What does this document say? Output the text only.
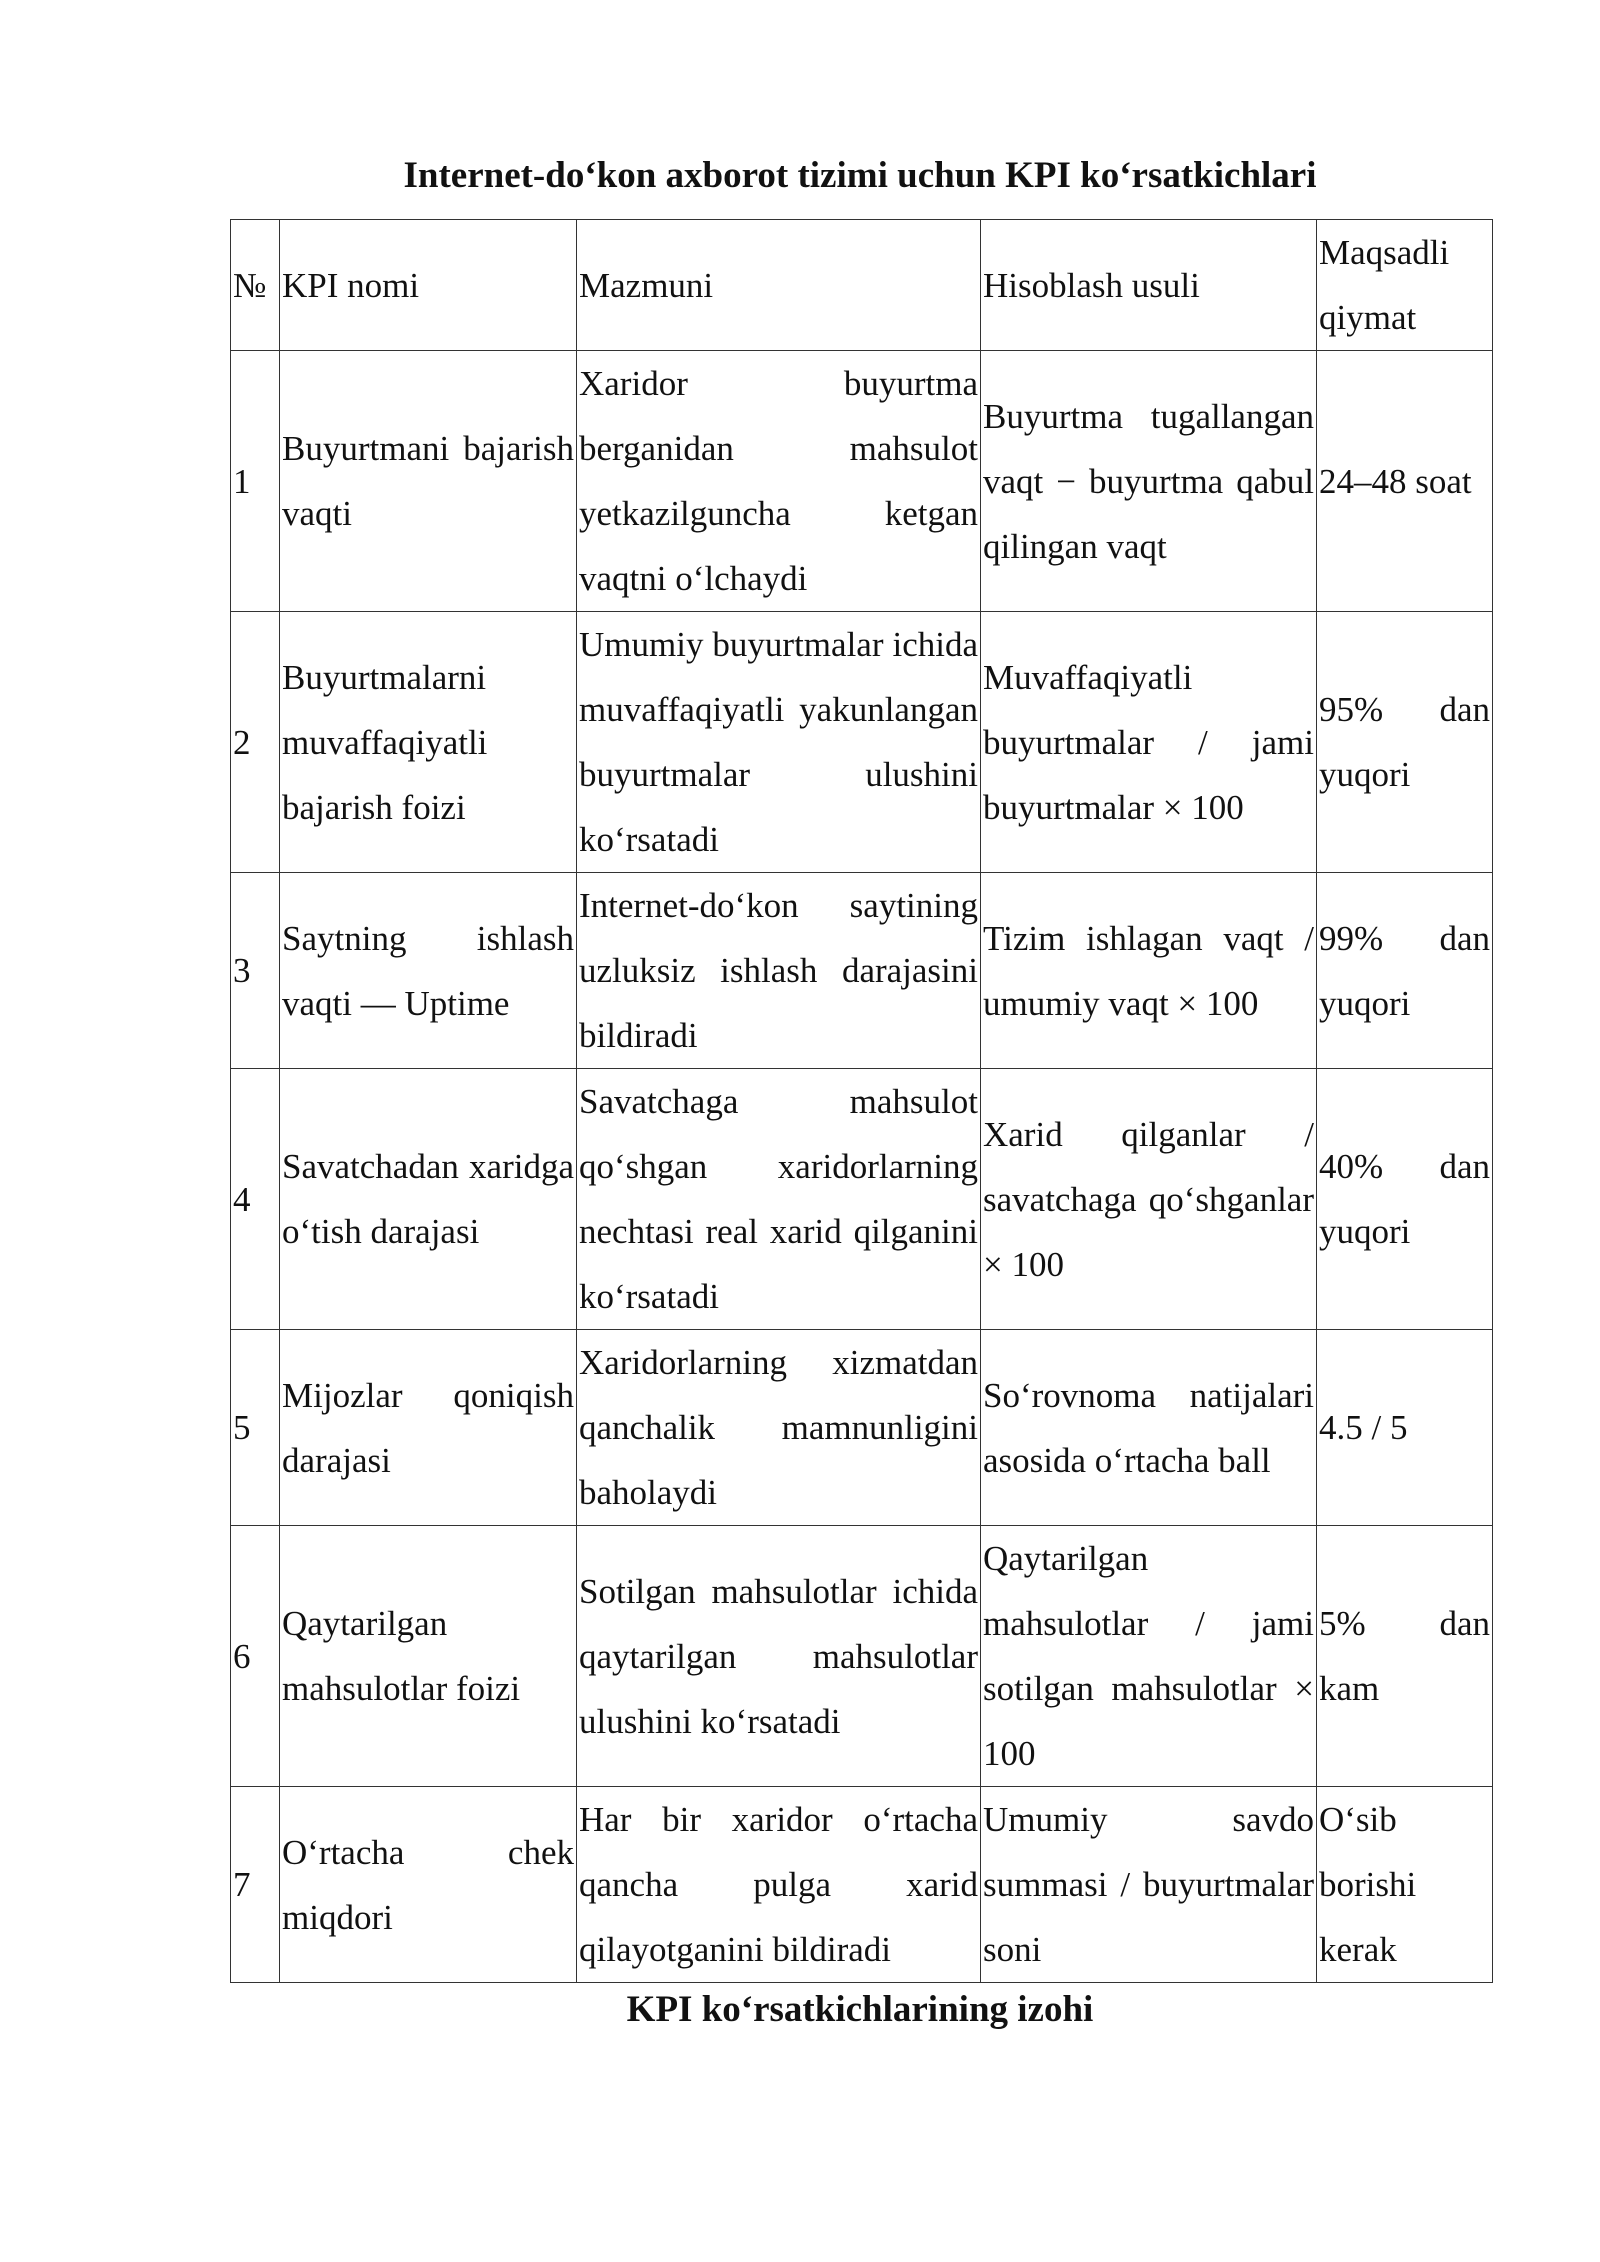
Internet-do‘kon axborot tizimi uchun KPI ko‘rsatkichlari
№	KPI nomi	Mazmuni	Hisoblash usuli	Maqsadli qiymat
1	Buyurtmani bajarish vaqti	Xaridor buyurtma berganidan mahsulot yetkazilguncha ketgan vaqtni o‘lchaydi	Buyurtma tugallangan vaqt − buyurtma qabul qilingan vaqt	24–48 soat
2	Buyurtmalarni muvaffaqiyatli bajarish foizi	Umumiy buyurtmalar ichida muvaffaqiyatli yakunlangan buyurtmalar ulushini ko‘rsatadi	Muvaffaqiyatli buyurtmalar / jami buyurtmalar × 100	95% dan yuqori
3	Saytning ishlash vaqti — Uptime	Internet-do‘kon saytining uzluksiz ishlash darajasini bildiradi	Tizim ishlagan vaqt / umumiy vaqt × 100	99% dan yuqori
4	Savatchadan xaridga o‘tish darajasi	Savatchaga mahsulot qo‘shgan xaridorlarning nechtasi real xarid qilganini ko‘rsatadi	Xarid qilganlar / savatchaga qo‘shganlar × 100	40% dan yuqori
5	Mijozlar qoniqish darajasi	Xaridorlarning xizmatdan qanchalik mamnunligini baholaydi	So‘rovnoma natijalari asosida o‘rtacha ball	4.5 / 5
6	Qaytarilgan mahsulotlar foizi	Sotilgan mahsulotlar ichida qaytarilgan mahsulotlar ulushini ko‘rsatadi	Qaytarilgan mahsulotlar / jami sotilgan mahsulotlar × 100	5% dan kam
7	O‘rtacha chek miqdori	Har bir xaridor o‘rtacha qancha pulga xarid qilayotganini bildiradi	Umumiy savdo summasi / buyurtmalar soni	O‘sib borishi kerak
KPI ko‘rsatkichlarining izohi
